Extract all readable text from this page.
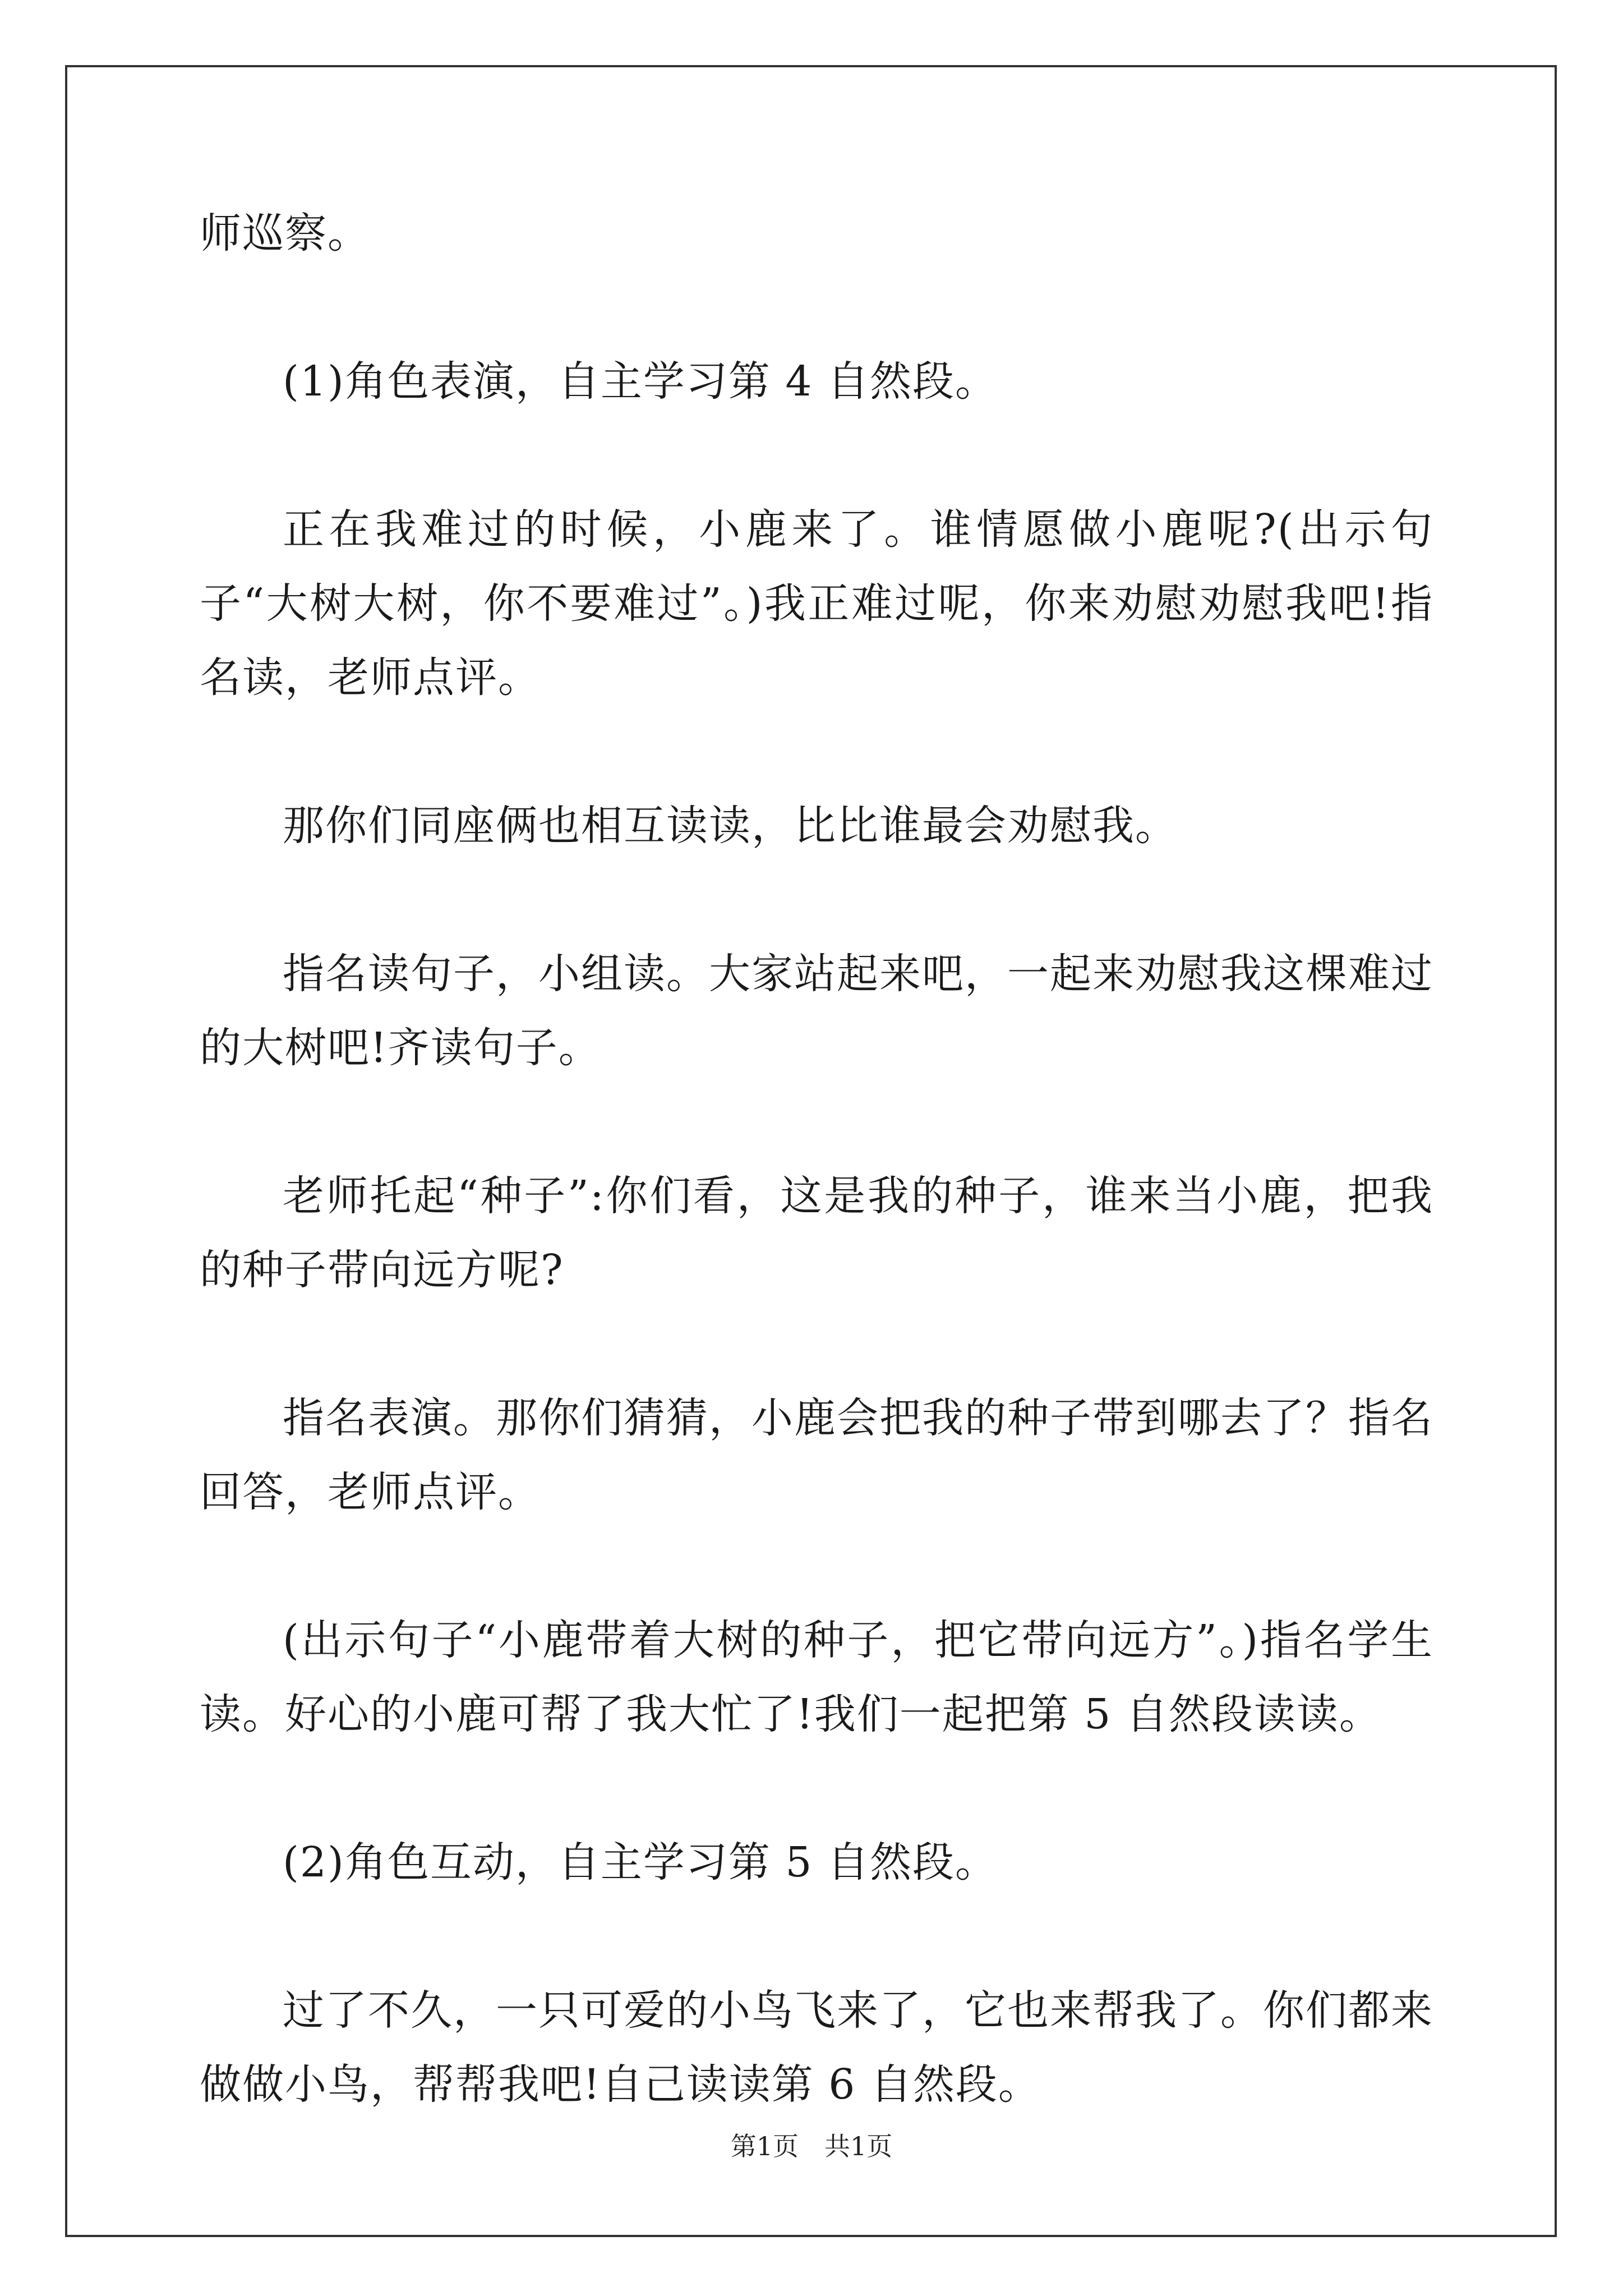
师巡察。

(1)角色表演，自主学习第 4 自然段。

正在我难过的时候，小鹿来了。谁情愿做小鹿呢?(出示句子“大树大树，你不要难过”。)我正难过呢，你来劝慰劝慰我吧!指名读，老师点评。

那你们同座俩也相互读读，比比谁最会劝慰我。

指名读句子，小组读。大家站起来吧，一起来劝慰我这棵难过的大树吧!齐读句子。

老师托起“种子”:你们看，这是我的种子，谁来当小鹿，把我的种子带向远方呢?

指名表演。那你们猜猜，小鹿会把我的种子带到哪去了？指名回答，老师点评。

(出示句子“小鹿带着大树的种子，把它带向远方”。)指名学生读。好心的小鹿可帮了我大忙了!我们一起把第 5 自然段读读。

(2)角色互动，自主学习第 5 自然段。

过了不久，一只可爱的小鸟飞来了，它也来帮我了。你们都来做做小鸟，帮帮我吧!自己读读第 6 自然段。

第1页 共1页
